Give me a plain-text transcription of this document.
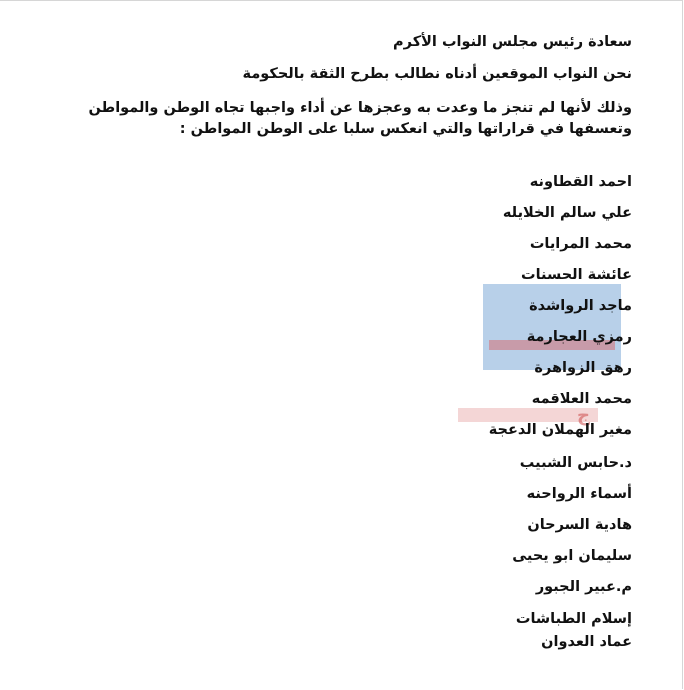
ج
سعادة رئيس مجلس النواب الأكرم
نحن النواب الموقعين أدناه نطالب بطرح الثقة بالحكومة
وذلك لأنها لم تنجز ما وعدت به وعجزها عن أداء واجبها تجاه الوطن والمواطن وتعسفها في قراراتها والتي انعكس سلبا على الوطن المواطن :
احمد القطاونه
علي سالم الخلايله
محمد المرايات
عائشة الحسنات
ماجد الرواشدة
رمزي العجارمة
رهق الزواهرة
محمد العلاقمه
مغير الهملان الدعجة
د.حابس الشبيب
أسماء الرواحنه
هادية السرحان
سليمان ابو يحيى
م.عبير الجبور
إسلام الطباشات
عماد العدوان
